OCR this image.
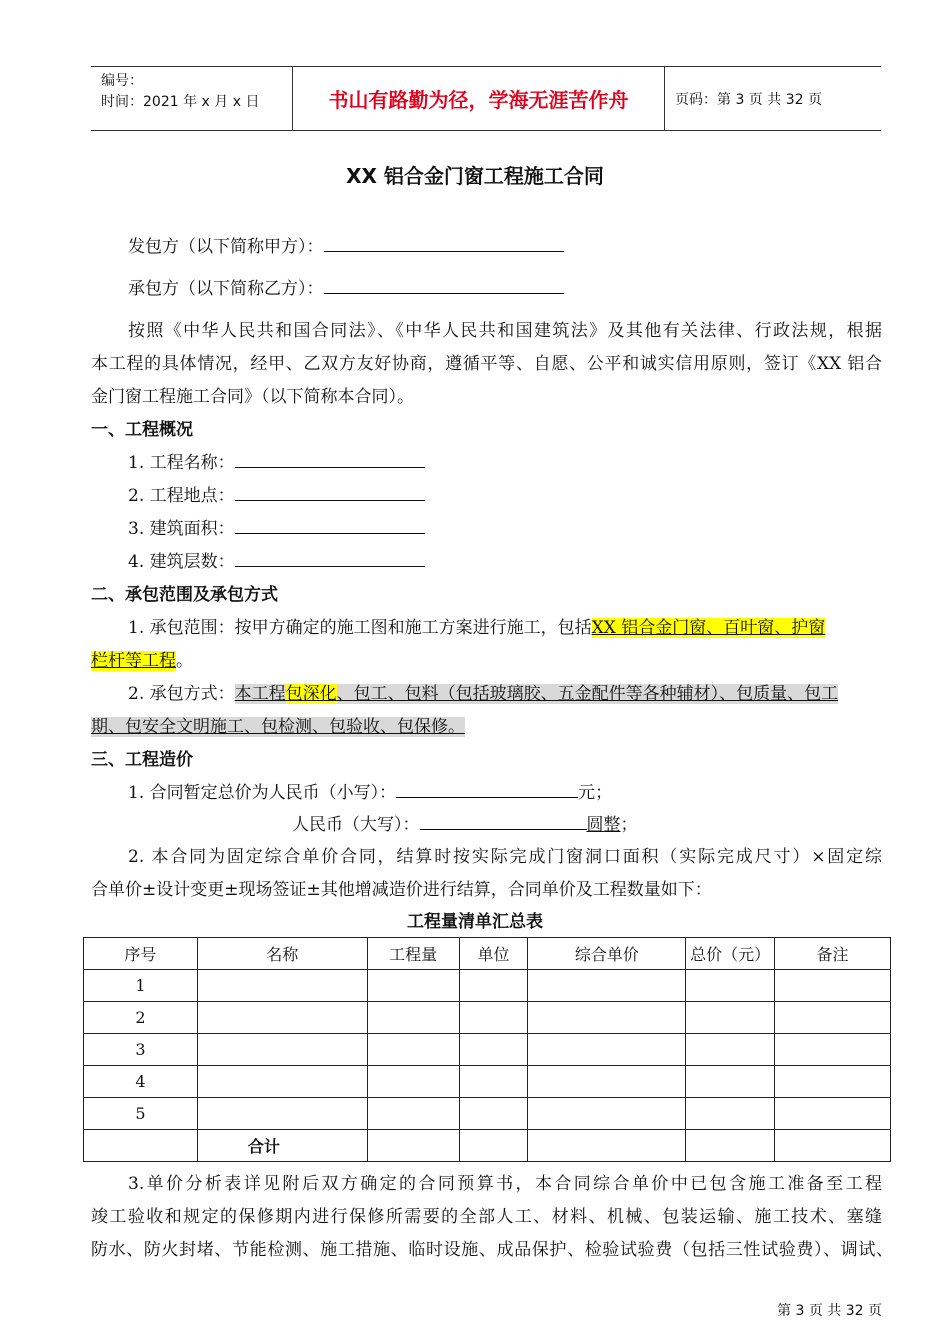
编号：
时间：2021 年 x 月 x 日	书山有路勤为径，学海无涯苦作舟	页码：第 3 页 共 32 页
XX 铝合金门窗工程施工合同
发包方（以下简称甲方）：
承包方（以下简称乙方）：
按照《中华人民共和国合同法》、《中华人民共和国建筑法》及其他有关法律、行政法规，根据
本工程的具体情况，经甲、乙双方友好协商，遵循平等、自愿、公平和诚实信用原则，签订《XX 铝合
金门窗工程施工合同》（以下简称本合同）。
一、工程概况
1. 工程名称：
2. 工程地点：
3. 建筑面积：
4. 建筑层数：
二、承包范围及承包方式
1. 承包范围：按甲方确定的施工图和施工方案进行施工，包括XX 铝合金门窗、百叶窗、护窗
栏杆等工程。
2. 承包方式：本工程包深化、包工、包料（包括玻璃胶、五金配件等各种辅材）、包质量、包工
期、包安全文明施工、包检测、包验收、包保修。
三、工程造价
1. 合同暂定总价为人民币（小写）：	元；
人民币（大写）：	圆整；
2. 本合同为固定综合单价合同，结算时按实际完成门窗洞口面积（实际完成尺寸）×固定综
合单价±设计变更±现场签证±其他增减造价进行结算，合同单价及工程数量如下：
工程量清单汇总表
序号	名称	工程量	单位	综合单价	总价（元）	备注
1						
2						
3						
4						
5						
	合计					
3.单价分析表详见附后双方确定的合同预算书，本合同综合单价中已包含施工准备至工程
竣工验收和规定的保修期内进行保修所需要的全部人工、材料、机械、包装运输、施工技术、塞缝
防水、防火封堵、节能检测、施工措施、临时设施、成品保护、检验试验费（包括三性试验费）、调试、
第 3 页 共 32 页
